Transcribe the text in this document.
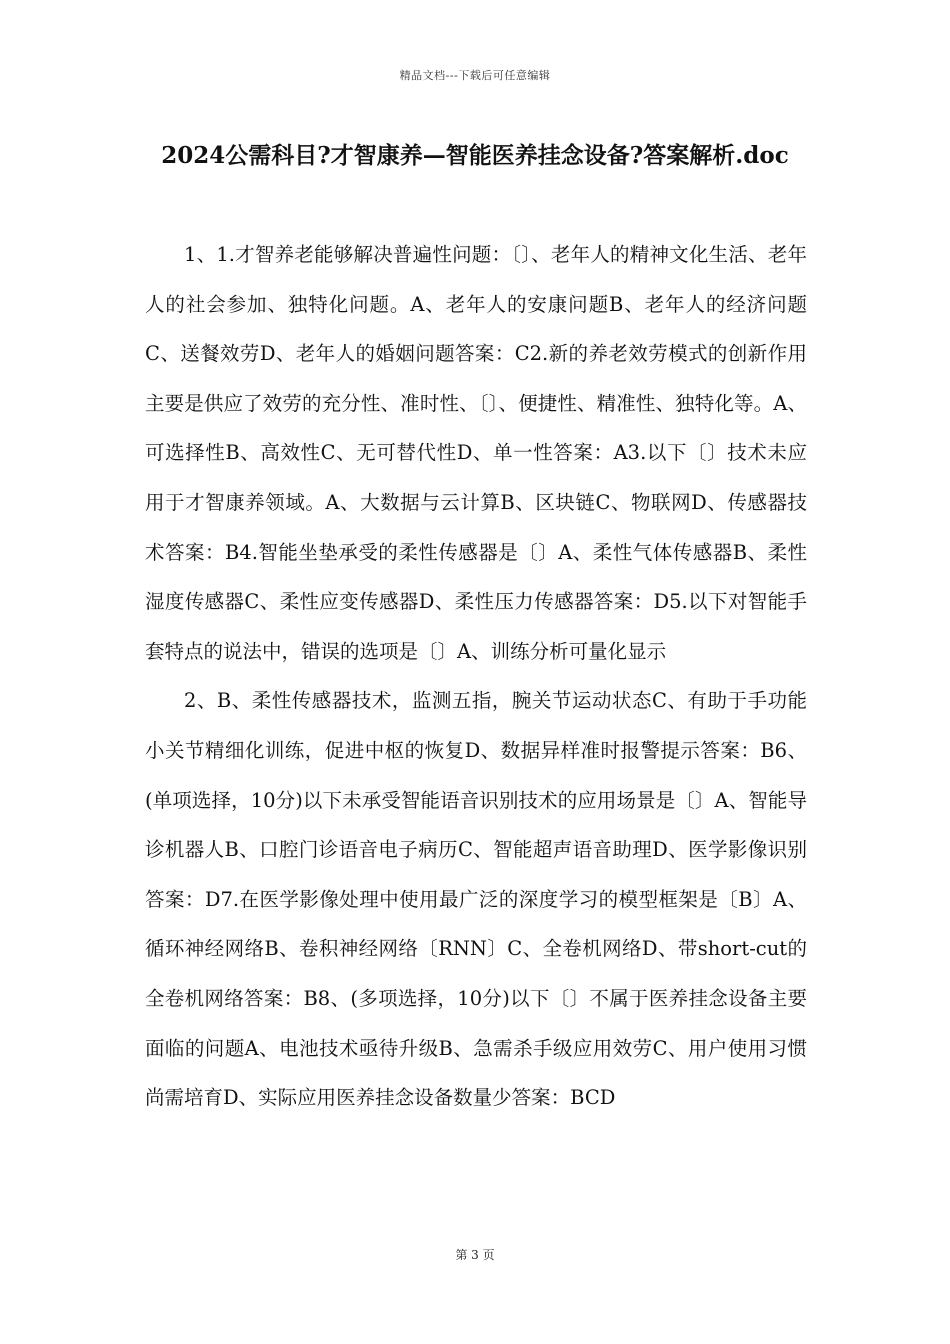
精品文档---下载后可任意编辑
2024公需科目?才智康养—智能医养挂念设备?答案解析.doc

1、1.才智养老能够解决普遍性问题：〔〕、老年人的精神文化生活、老年人的社会参加、独特化问题。A、老年人的安康问题B、老年人的经济问题C、送餐效劳D、老年人的婚姻问题答案：C2.新的养老效劳模式的创新作用主要是供应了效劳的充分性、准时性、〔〕、便捷性、精准性、独特化等。A、可选择性B、高效性C、无可替代性D、单一性答案：A3.以下〔〕技术未应用于才智康养领域。A、大数据与云计算B、区块链C、物联网D、传感器技术答案：B4.智能坐垫承受的柔性传感器是〔〕A、柔性气体传感器B、柔性湿度传感器C、柔性应变传感器D、柔性压力传感器答案：D5.以下对智能手套特点的说法中，错误的选项是〔〕A、训练分析可量化显示

2、B、柔性传感器技术，监测五指，腕关节运动状态C、有助于手功能小关节精细化训练，促进中枢的恢复D、数据异样准时报警提示答案：B6、(单项选择，10分)以下未承受智能语音识别技术的应用场景是〔〕A、智能导诊机器人B、口腔门诊语音电子病历C、智能超声语音助理D、医学影像识别答案：D7.在医学影像处理中使用最广泛的深度学习的模型框架是〔B〕A、循环神经网络B、卷积神经网络〔RNN〕C、全卷机网络D、带short-cut的全卷机网络答案：B8、(多项选择，10分)以下〔〕不属于医养挂念设备主要面临的问题A、电池技术亟待升级B、急需杀手级应用效劳C、用户使用习惯尚需培育D、实际应用医养挂念设备数量少答案：BCD

第 3 页
